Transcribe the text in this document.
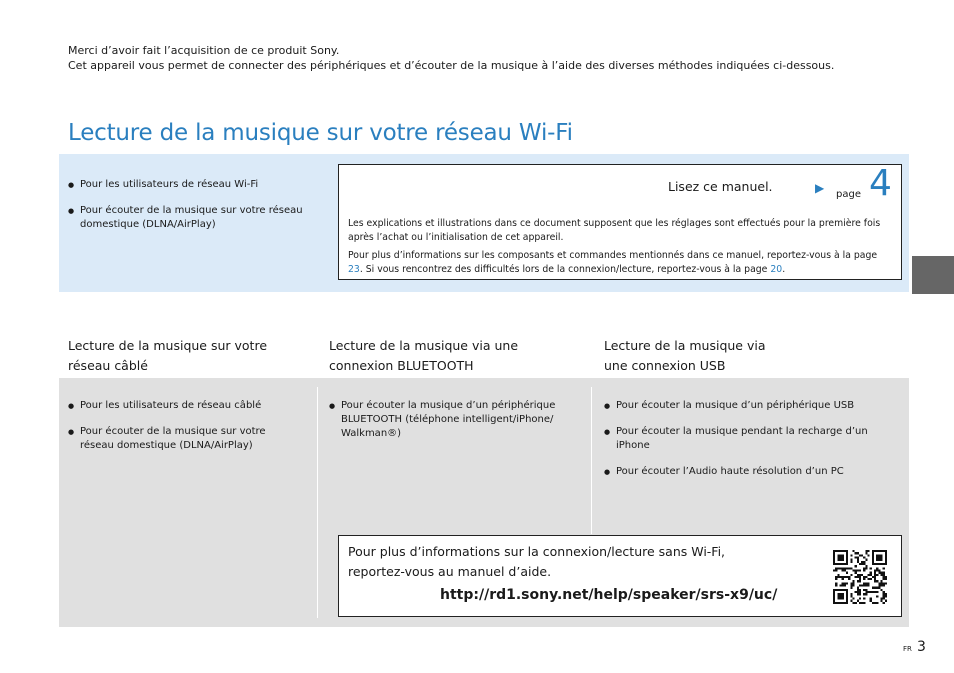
Merci d’avoir fait l’acquisition de ce produit Sony.
Cet appareil vous permet de connecter des périphériques et d’écouter de la musique à l’aide des diverses méthodes indiquées ci-dessous.
Lecture de la musique sur votre réseau Wi-Fi
● Pour les utilisateurs de réseau Wi-Fi
● Pour écouter de la musique sur votre réseau domestique (DLNA/AirPlay)
Lisez ce manuel.	▶ page 4

Les explications et illustrations dans ce document supposent que les réglages sont effectués pour la première fois après l’achat ou l’initialisation de cet appareil.

Pour plus d’informations sur les composants et commandes mentionnés dans ce manuel, reportez-vous à la page 23. Si vous rencontrez des difficultés lors de la connexion/lecture, reportez-vous à la page 20.

Lecture de la musique sur votre
réseau câblé
Lecture de la musique via une
connexion BLUETOOTH
Lecture de la musique via
une connexion USB
● Pour les utilisateurs de réseau câblé
● Pour écouter de la musique sur votre réseau domestique (DLNA/AirPlay)
● Pour écouter la musique d’un périphérique BLUETOOTH (téléphone intelligent/iPhone/ Walkman®)
● Pour écouter la musique d’un périphérique USB
● Pour écouter la musique pendant la recharge d’un iPhone
● Pour écouter l’Audio haute résolution d’un PC
Pour plus d’informations sur la connexion/lecture sans Wi-Fi,
reportez-vous au manuel d’aide.
http://rd1.sony.net/help/speaker/srs-x9/uc/
FR 3
